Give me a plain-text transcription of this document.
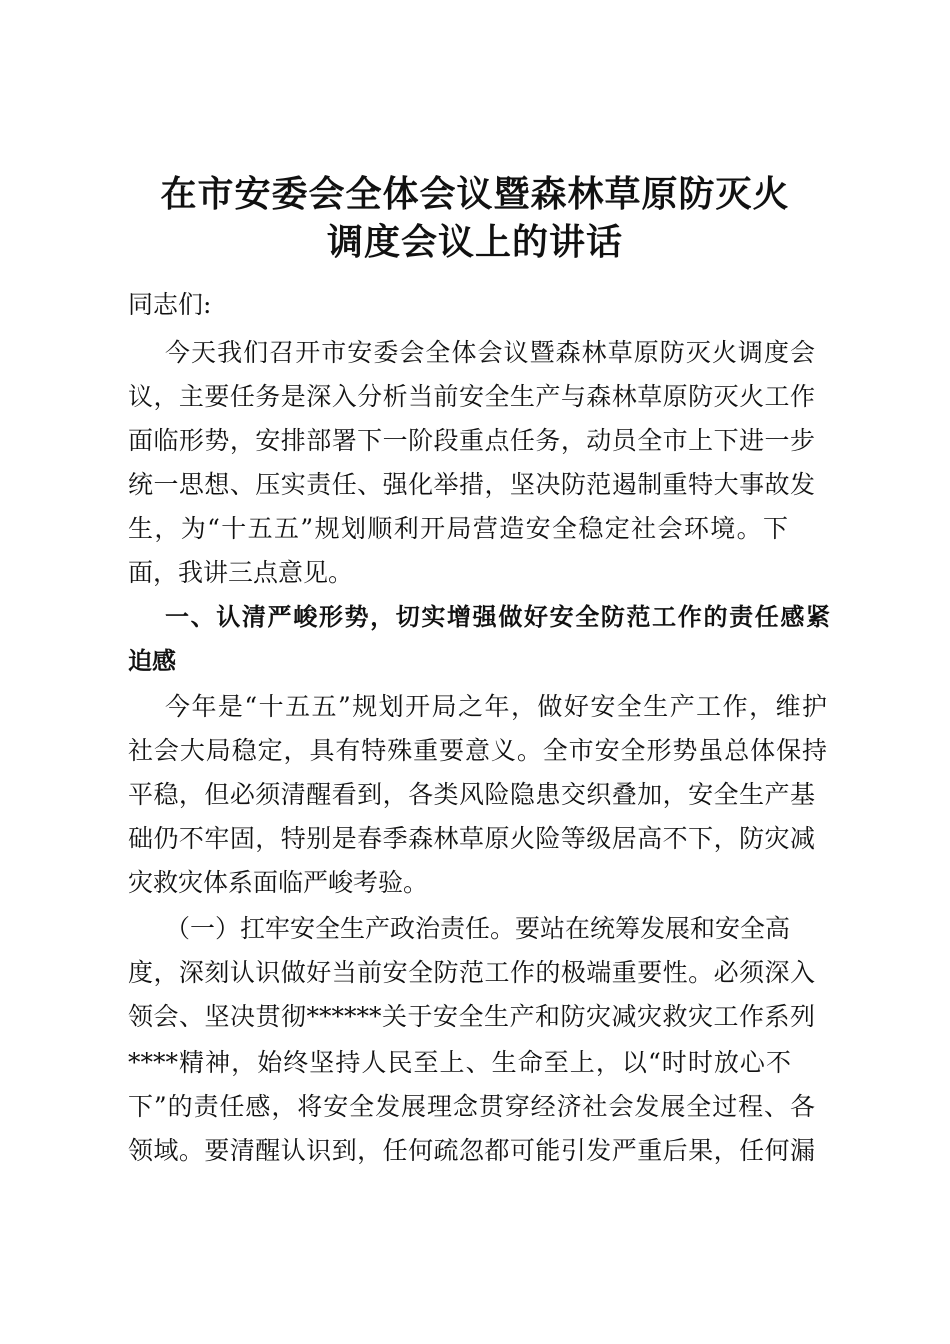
在市安委会全体会议暨森林草原防灭火
调度会议上的讲话

同志们:

今天我们召开市安委会全体会议暨森林草原防灭火调度会

议，主要任务是深入分析当前安全生产与森林草原防灭火工作

面临形势，安排部署下一阶段重点任务，动员全市上下进一步

统一思想、压实责任、强化举措，坚决防范遏制重特大事故发

生，为“十五五”规划顺利开局营造安全稳定社会环境。下

面，我讲三点意见。

一、认清严峻形势，切实增强做好安全防范工作的责任感紧

迫感

今年是“十五五”规划开局之年，做好安全生产工作，维护

社会大局稳定，具有特殊重要意义。全市安全形势虽总体保持

平稳，但必须清醒看到，各类风险隐患交织叠加，安全生产基

础仍不牢固，特别是春季森林草原火险等级居高不下，防灾减

灾救灾体系面临严峻考验。

（一）扛牢安全生产政治责任。要站在统筹发展和安全高

度，深刻认识做好当前安全防范工作的极端重要性。必须深入

领会、坚决贯彻******关于安全生产和防灾减灾救灾工作系列

****精神，始终坚持人民至上、生命至上，以“时时放心不

下”的责任感，将安全发展理念贯穿经济社会发展全过程、各

领域。要清醒认识到，任何疏忽都可能引发严重后果，任何漏
